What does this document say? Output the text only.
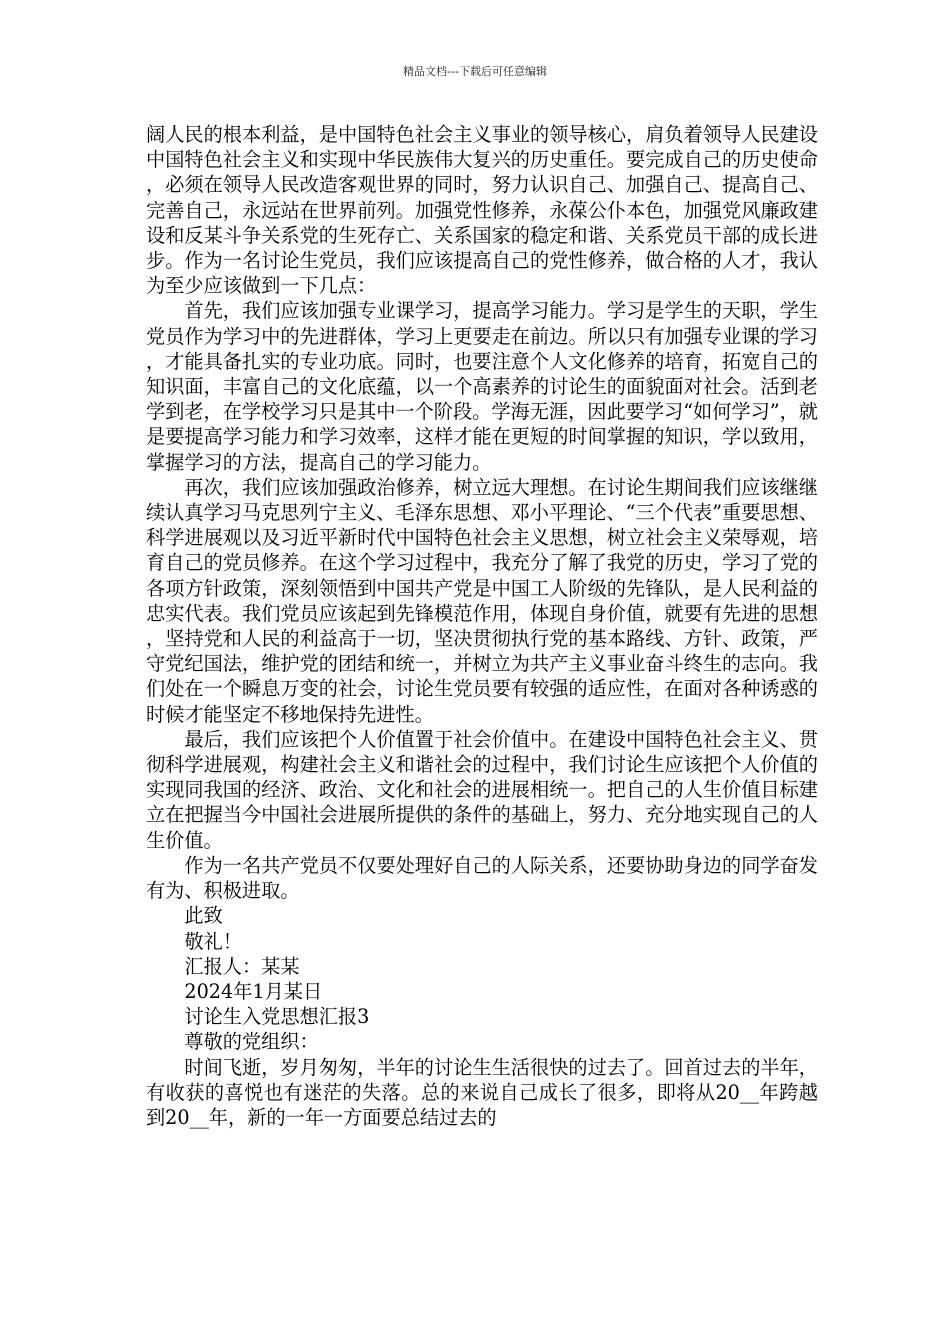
精品文档---下载后可任意编辑

阔人民的根本利益，是中国特色社会主义事业的领导核心，肩负着领导人民建设中国特色社会主义和实现中华民族伟大复兴的历史重任。要完成自己的历史使命，必须在领导人民改造客观世界的同时，努力认识自己、加强自己、提高自己、完善自己，永远站在世界前列。加强党性修养，永葆公仆本色，加强党风廉政建设和反某斗争关系党的生死存亡、关系国家的稳定和谐、关系党员干部的成长进步。作为一名讨论生党员，我们应该提高自己的党性修养，做合格的人才，我认为至少应该做到一下几点：

首先，我们应该加强专业课学习，提高学习能力。学习是学生的天职，学生党员作为学习中的先进群体，学习上更要走在前边。所以只有加强专业课的学习，才能具备扎实的专业功底。同时，也要注意个人文化修养的培育，拓宽自己的知识面，丰富自己的文化底蕴，以一个高素养的讨论生的面貌面对社会。活到老学到老，在学校学习只是其中一个阶段。学海无涯，因此要学习“如何学习”，就是要提高学习能力和学习效率，这样才能在更短的时间掌握的知识，学以致用，掌握学习的方法，提高自己的学习能力。

再次，我们应该加强政治修养，树立远大理想。在讨论生期间我们应该继继续认真学习马克思列宁主义、毛泽东思想、邓小平理论、“三个代表”重要思想、科学进展观以及习近平新时代中国特色社会主义思想，树立社会主义荣辱观，培育自己的党员修养。在这个学习过程中，我充分了解了我党的历史，学习了党的各项方针政策，深刻领悟到中国共产党是中国工人阶级的先锋队，是人民利益的忠实代表。我们党员应该起到先锋模范作用，体现自身价值，就要有先进的思想，坚持党和人民的利益高于一切，坚决贯彻执行党的基本路线、方针、政策，严守党纪国法，维护党的团结和统一，并树立为共产主义事业奋斗终生的志向。我们处在一个瞬息万变的社会，讨论生党员要有较强的适应性，在面对各种诱惑的时候才能坚定不移地保持先进性。

最后，我们应该把个人价值置于社会价值中。在建设中国特色社会主义、贯彻科学进展观，构建社会主义和谐社会的过程中，我们讨论生应该把个人价值的实现同我国的经济、政治、文化和社会的进展相统一。把自己的人生价值目标建立在把握当今中国社会进展所提供的条件的基础上，努力、充分地实现自己的人生价值。

作为一名共产党员不仅要处理好自己的人际关系，还要协助身边的同学奋发有为、积极进取。

此致

敬礼！

汇报人：某某

2024年1月某日

讨论生入党思想汇报3

尊敬的党组织：

时间飞逝，岁月匆匆，半年的讨论生生活很快的过去了。回首过去的半年，有收获的喜悦也有迷茫的失落。总的来说自己成长了很多，即将从20__年跨越到20__年，新的一年一方面要总结过去的
